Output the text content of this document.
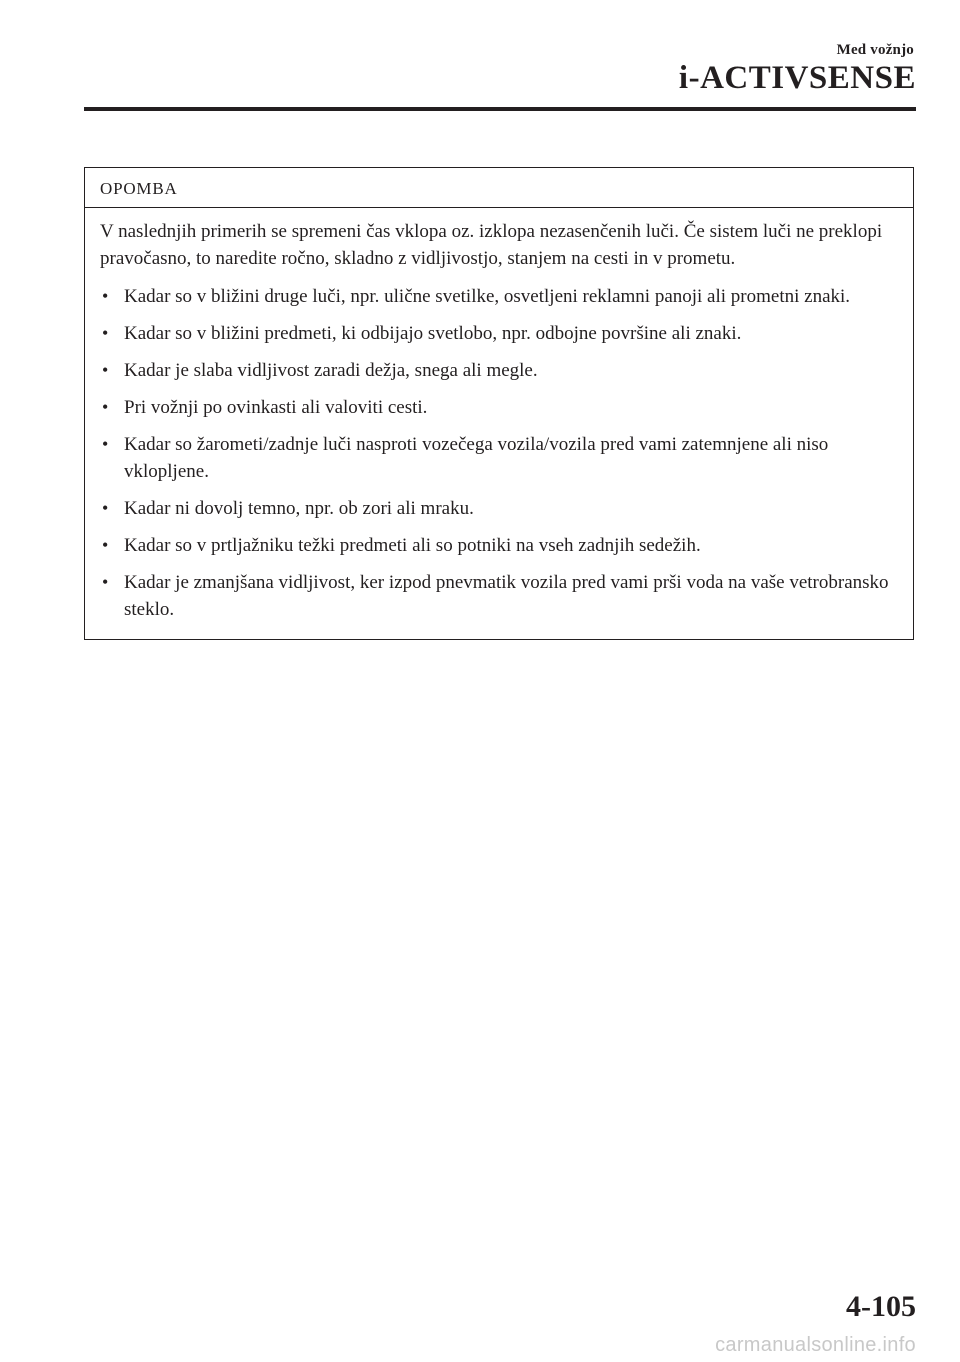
Med vožnjo
i-ACTIVSENSE
OPOMBA

V naslednjih primerih se spremeni čas vklopa oz. izklopa nezasenčenih luči. Če sistem luči ne preklopi pravočasno, to naredite ročno, skladno z vidljivostjo, stanjem na cesti in v prometu.

• Kadar so v bližini druge luči, npr. ulične svetilke, osvetljeni reklamni panoji ali prometni znaki.
• Kadar so v bližini predmeti, ki odbijajo svetlobo, npr. odbojne površine ali znaki.
• Kadar je slaba vidljivost zaradi dežja, snega ali megle.
• Pri vožnji po ovinkasti ali valoviti cesti.
• Kadar so žarometi/zadnje luči nasproti vozečega vozila/vozila pred vami zatemnjene ali niso vklopljene.
• Kadar ni dovolj temno, npr. ob zori ali mraku.
• Kadar so v prtljažniku težki predmeti ali so potniki na vseh zadnjih sedežih.
• Kadar je zmanjšana vidljivost, ker izpod pnevmatik vozila pred vami prši voda na vaše vetrobransko steklo.
4-105
carmanualsonline.info
